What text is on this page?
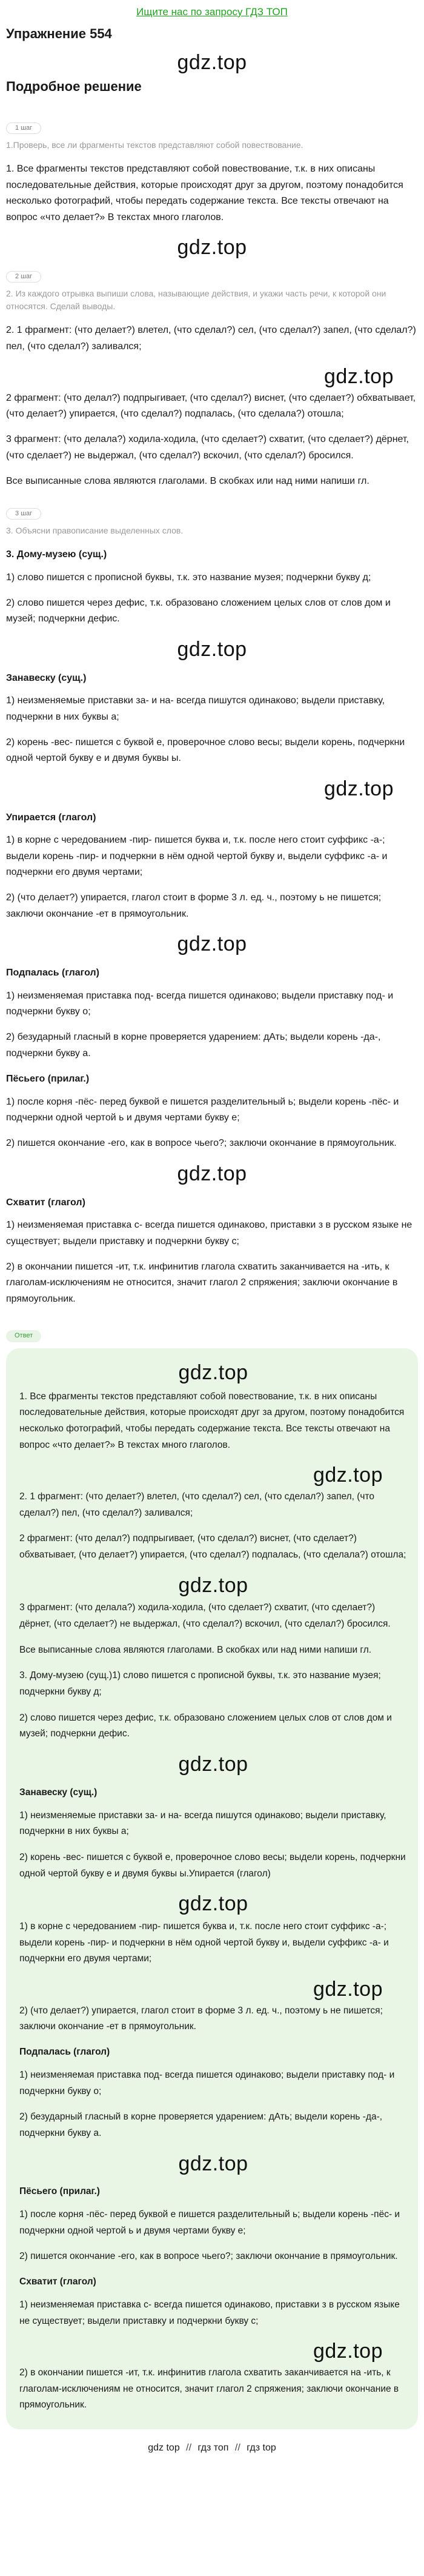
Ищите нас по запросу ГДЗ ТОП
Упражнение 554
gdz.top
Подробное решение
1 шаг
1.Проверь, все ли фрагменты текстов представляют собой повествование.

1. Все фрагменты текстов представляют собой повествование, т.к. в них описаны последовательные действия, которые происходят друг за другом, поэтому понадобится несколько фотографий, чтобы передать содержание текста. Все тексты отвечают на вопрос «что делает?» В текстах много глаголов.

gdz.top
2 шаг
2. Из каждого отрывка выпиши слова, называющие действия, и укажи часть речи, к которой они относятся. Сделай выводы.

2. 1 фрагмент: (что делает?) влетел, (что сделал?) сел, (что сделал?) запел, (что сделал?) пел, (что сделал?) заливался;

gdz.top

2 фрагмент: (что делал?) подпрыгивает, (что сделал?) виснет, (что сделает?) обхватывает, (что делает?) упирается, (что сделал?) подпалась, (что сделала?) отошла;

3 фрагмент: (что делала?) ходила-ходила, (что сделает?) схватит, (что сделает?) дёрнет, (что сделает?) не выдержал, (что сделал?) вскочил, (что сделал?) бросился.

Все выписанные слова являются глаголами. В скобках или над ними напиши гл.

3 шаг
3. Объясни правописание выделенных слов.
3. Дому-музею (сущ.)

1) слово пишется с прописной буквы, т.к. это название музея; подчеркни букву д;

2) слово пишется через дефис, т.к. образовано сложением целых слов от слов дом и музей; подчеркни дефис.

gdz.top
Занавеску (сущ.)

1) неизменяемые приставки за- и на- всегда пишутся одинаково; выдели приставку, подчеркни в них буквы а;

2) корень -вес- пишется с буквой е, проверочное слово весы; выдели корень, подчеркни одной чертой букву е и двумя буквы ы.

gdz.top
Упирается (глагол)

1) в корне с чередованием -пир- пишется буква и, т.к. после него стоит суффикс -а-; выдели корень -пир- и подчеркни в нём одной чертой букву и, выдели суффикс -а- и подчеркни его двумя чертами;

2) (что делает?) упирается, глагол стоит в форме 3 л. ед. ч., поэтому ь не пишется; заключи окончание -ет в прямоугольник.

gdz.top
Подпалась (глагол)

1) неизменяемая приставка под- всегда пишется одинаково; выдели приставку под- и подчеркни букву о;

2) безударный гласный в корне проверяется ударением: дАть; выдели корень -да-, подчеркни букву а.

Пёсьего (прилаг.)

1) после корня -пёс- перед буквой е пишется разделительный ь; выдели корень -пёс- и подчеркни одной чертой ь и двумя чертами букву е;

2) пишется окончание -его, как в вопросе чьего?; заключи окончание в прямоугольник.

gdz.top
Схватит (глагол)

1) неизменяемая приставка с- всегда пишется одинаково, приставки з в русском языке не существует; выдели приставку и подчеркни букву с;

2) в окончании пишется -ит, т.к. инфинитив глагола схватить заканчивается на -ить, к глаголам-исключениям не относится, значит глагол 2 спряжения; заключи окончание в прямоугольник.

Ответ
gdz.top

1. Все фрагменты текстов представляют собой повествование, т.к. в них описаны последовательные действия, которые происходят друг за другом, поэтому понадобится несколько фотографий, чтобы передать содержание текста. Все тексты отвечают на вопрос «что делает?» В текстах много глаголов.

gdz.top

2. 1 фрагмент: (что делает?) влетел, (что сделал?) сел, (что сделал?) запел, (что сделал?) пел, (что сделал?) заливался;

2 фрагмент: (что делал?) подпрыгивает, (что сделал?) виснет, (что сделает?) обхватывает, (что делает?) упирается, (что сделал?) подпалась, (что сделала?) отошла;

gdz.top

3 фрагмент: (что делала?) ходила-ходила, (что сделает?) схватит, (что сделает?) дёрнет, (что сделает?) не выдержал, (что сделал?) вскочил, (что сделал?) бросился.

Все выписанные слова являются глаголами. В скобках или над ними напиши гл.

3. Дому-музею (сущ.)1) слово пишется с прописной буквы, т.к. это название музея; подчеркни букву д;

2) слово пишется через дефис, т.к. образовано сложением целых слов от слов дом и музей; подчеркни дефис.

gdz.top
Занавеску (сущ.)

1) неизменяемые приставки за- и на- всегда пишутся одинаково; выдели приставку, подчеркни в них буквы а;

2) корень -вес- пишется с буквой е, проверочное слово весы; выдели корень, подчеркни одной чертой букву е и двумя буквы ы.Упирается (глагол)

gdz.top

1) в корне с чередованием -пир- пишется буква и, т.к. после него стоит суффикс -а-; выдели корень -пир- и подчеркни в нём одной чертой букву и, выдели суффикс -а- и подчеркни его двумя чертами;

gdz.top

2) (что делает?) упирается, глагол стоит в форме 3 л. ед. ч., поэтому ь не пишется; заключи окончание -ет в прямоугольник.

Подпалась (глагол)

1) неизменяемая приставка под- всегда пишется одинаково; выдели приставку под- и подчеркни букву о;

2) безударный гласный в корне проверяется ударением: дАть; выдели корень -да-, подчеркни букву а.

gdz.top
Пёсьего (прилаг.)

1) после корня -пёс- перед буквой е пишется разделительный ь; выдели корень -пёс- и подчеркни одной чертой ь и двумя чертами букву е;

2) пишется окончание -его, как в вопросе чьего?; заключи окончание в прямоугольник.

Схватит (глагол)

1) неизменяемая приставка с- всегда пишется одинаково, приставки з в русском языке не существует; выдели приставку и подчеркни букву с;

gdz.top

2) в окончании пишется -ит, т.к. инфинитив глагола схватить заканчивается на -ить, к глаголам-исключениям не относится, значит глагол 2 спряжения; заключи окончание в прямоугольник.

gdz top // гдз топ // гдз top
